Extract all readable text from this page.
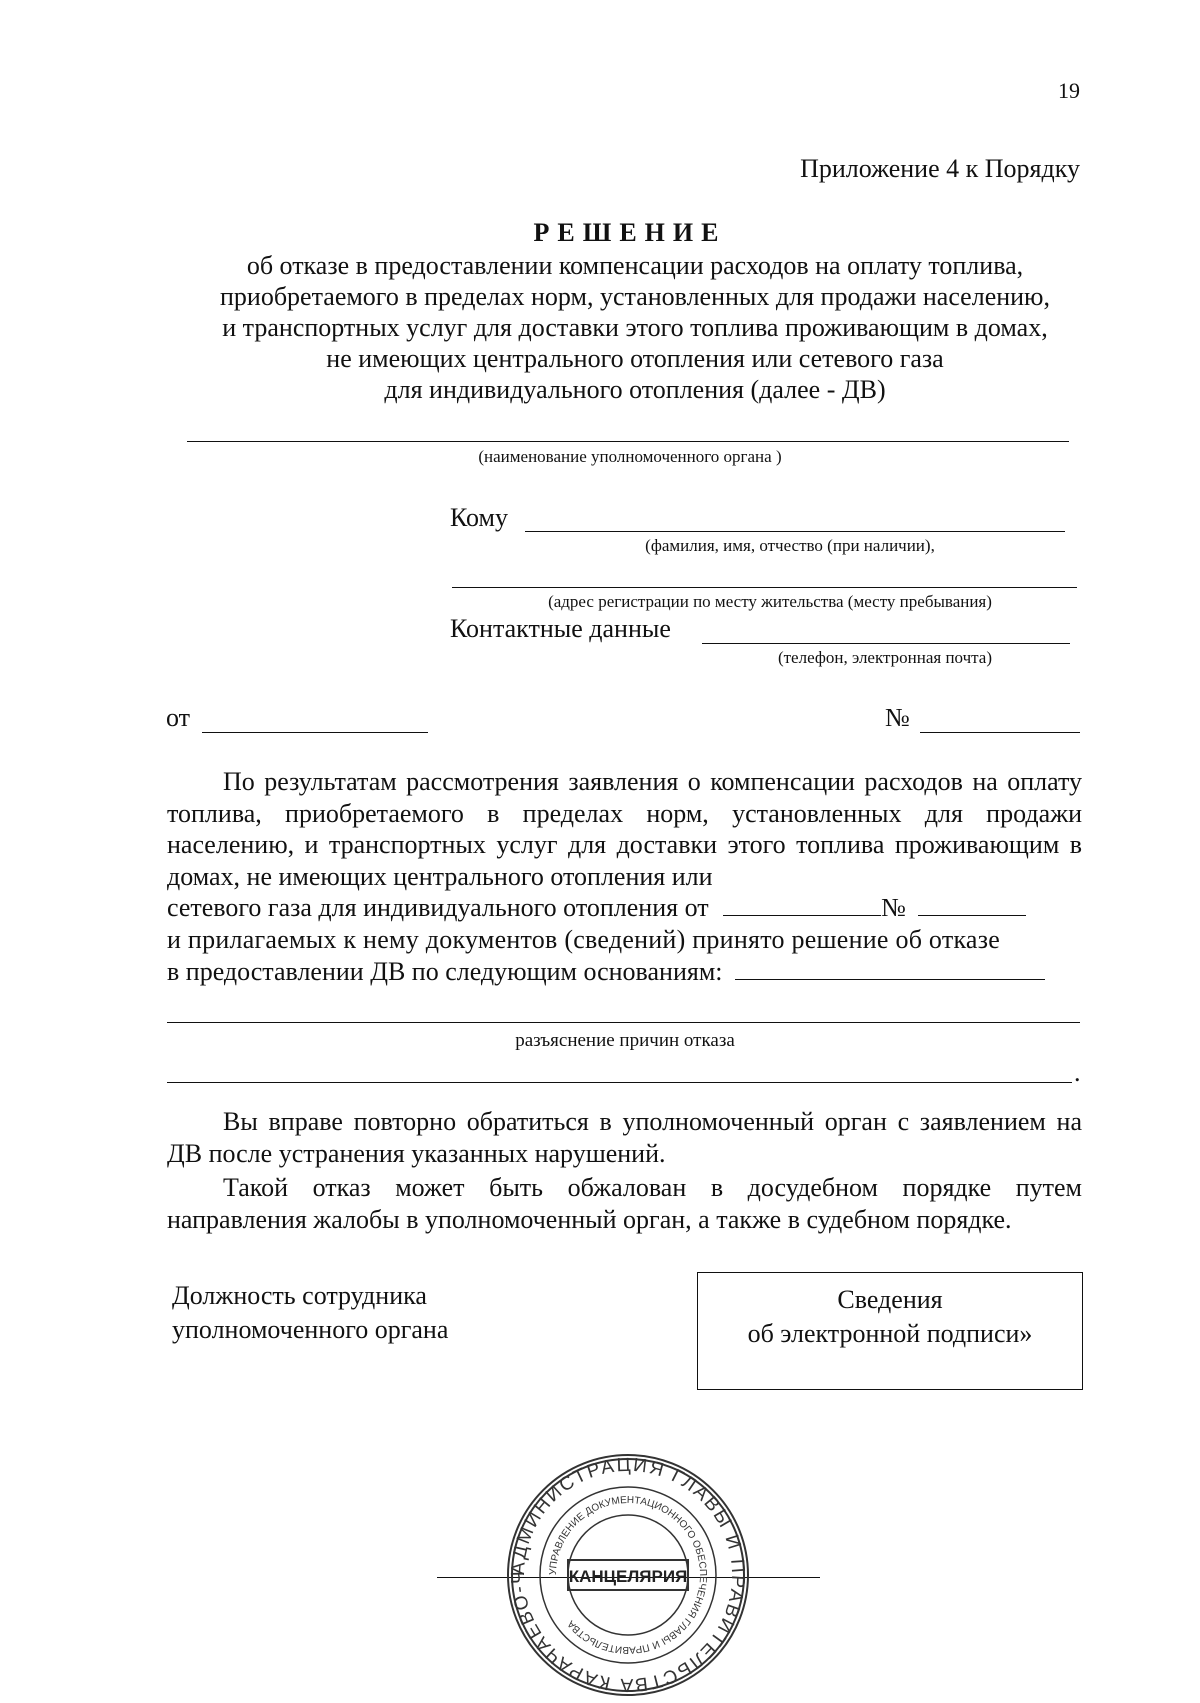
19
Приложение 4 к Порядку
РЕШЕНИЕ
об отказе в предоставлении компенсации расходов на оплату топлива,
приобретаемого в пределах норм, установленных для продажи населению,
и транспортных услуг для доставки этого топлива проживающим в домах,
не имеющих центрального отопления или сетевого газа
для индивидуального отопления (далее - ДВ)
(наименование уполномоченного органа )
Кому
(фамилия, имя, отчество (при наличии),
(адрес регистрации по месту жительства (месту пребывания)
Контактные данные
(телефон, электронная почта)
от	№
По результатам рассмотрения заявления о компенсации расходов на оплату топлива, приобретаемого в пределах норм, установленных для продажи населению, и транспортных услуг для доставки этого топлива проживающим в домах, не имеющих центрального отопления или
сетевого газа для индивидуального отопления от	№
и прилагаемых к нему документов (сведений) принято решение об отказе
в предоставлении ДВ по следующим основаниям:
разъяснение причин отказа
.
Вы вправе повторно обратиться в уполномоченный орган с заявлением на ДВ после устранения указанных нарушений.
Такой отказ может быть обжалован в досудебном порядке путем направления жалобы в уполномоченный орган, а также в судебном порядке.
Должность сотрудника
уполномоченного органа
Сведения
об электронной подписи»
АДМИНИСТРАЦИЯ ГЛАВЫ И ПРАВИТЕЛЬСТВА КАРАЧАЕВО-Ч	УПРАВЛЕНИЕ ДОКУМЕНТАЦИОННОГО ОБЕСПЕЧЕНИЯ ГЛАВЫ И ПРАВИТЕЛЬСТВА
КАНЦЕЛЯРИЯ
